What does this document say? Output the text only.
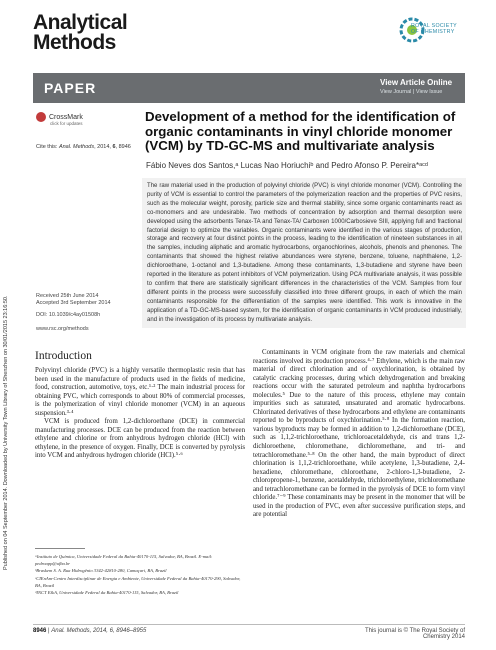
Analytical
Methods
ROYAL SOCIETY
OF CHEMISTRY
PAPER	View Article Online
View Journal | View Issue
Published on 04 September 2014. Downloaded by University Town Library of Shenzhen on 30/01/2015 23:16:50.
CrossMark
click for updates
Cite this: Anal. Methods, 2014, 6, 8946
Development of a method for the identification of organic contaminants in vinyl chloride monomer (VCM) by TD-GC-MS and multivariate analysis
Fábio Neves dos Santos,ᵃ Lucas Nao Horiuchiᵇ and Pedro Afonso P. Pereira*ᵃᶜᵈ
The raw material used in the production of polyvinyl chloride (PVC) is vinyl chloride monomer (VCM). Controlling the purity of VCM is essential to control the parameters of the polymerization reaction and the properties of PVC resins, such as the molecular weight, porosity, particle size and thermal stability, since some organic contaminants react as co-monomers and are undesirable. Two methods of concentration by adsorption and thermal desorption were developed using the adsorbents Tenax-TA and Tenax-TA/ Carboxen 1000/Carbosieve SIII, applying full and fractional factorial design to optimize the variables. Organic contaminants were identified in the various stages of production, storage and recovery at four distinct points in the process, leading to the identification of nineteen substances in all the samples, including aliphatic and aromatic hydrocarbons, organochlorines, alcohols, phenols and phenones. The contaminants that showed the highest relative abundances were styrene, benzene, toluene, naphthalene, 1,2-dichloroethane, 1-octanol and 1,3-butadiene. Among these contaminants, 1,3-butadiene and styrene have been reported in the literature as potent inhibitors of VCM polymerization. Using PCA multivariate analysis, it was possible to confirm that there are statistically significant differences in the characteristics of the VCM. Samples from four different points in the process were successfully classified into three different groups, in each of which the main contaminants responsible for the differentiation of the samples were identified. This work is innovative in the application of a TD-GC-MS-based system, for the identification of organic contaminants in VCM produced industrially, and in the investigation of its process by multivariate analysis.
Received 25th June 2014
Accepted 3rd September 2014
DOI: 10.1039/c4ay01508h
www.rsc.org/methods
Introduction

Polyvinyl chloride (PVC) is a highly versatile thermoplastic resin that has been used in the manufacture of products used in the fields of medicine, food, construction, automotive, toys, etc.¹·² The main industrial process for obtaining PVC, which corresponds to about 80% of commercial processes, is the polymerization of vinyl chloride monomer (VCM) in an aqueous suspension.³·⁴

VCM is produced from 1,2-dichloroethane (DCE) in commercial manufacturing processes. DCE can be produced from the reaction between ethylene and chlorine or from anhydrous hydrogen chloride (HCl) with ethylene, in the presence of oxygen. Finally, DCE is converted by pyrolysis into VCM and anhydrous hydrogen chloride (HCl).⁵·⁶

Contaminants in VCM originate from the raw materials and chemical reactions involved its production process.⁴·⁷ Ethylene, which is the main raw material of direct chlorination and of oxychlorination, is obtained by catalytic cracking processes, during which dehydrogenation and breaking reactions occur with the saturated petroleum and naphtha hydrocarbons molecules.⁵ Due to the nature of this process, ethylene may contain impurities such as saturated, unsaturated and aromatic hydrocarbons. Chlorinated derivatives of these hydrocarbons and ethylene are contaminants reported to be byproducts of oxychlorination.⁵·⁸ In the formation reaction, various byproducts may be formed in addition to 1,2-dichloroethane (DCE), such as 1,1,2-trichloroethane, trichloroacetaldehyde, cis and trans 1,2-dichloroethene, chloromethane, dichloromethane, and tri- and tetrachloromethane.⁵·⁸ On the other hand, the main byproduct of direct chlorination is 1,1,2-trichloroethane, while acetylene, 1,3-butadiene, 2,4-hexadiene, chloromethane, chloroethane, 2-chloro-1,3-butadiene, 2-chloropropene-1, benzene, acetaldehyde, trichloroethylene, trichloromethane and tetrachloromethane can be formed in the pyrolysis of DCE to form vinyl chloride.⁷⁻⁹ These contaminants may be present in the monomer that will be used in the production of PVC, even after successive purification steps, and are potential

ᵃInstituto de Química, Universidade Federal da Bahia-40170-115, Salvador, BA, Brazil. E-mail: pedroapp@ufba.br
ᵇBraskem S. A. Rua Hidrogênio 3342-42810-280, Camaçari, BA, Brazil
ᶜCIEnAm-Centro Interdisciplinar de Energia e Ambiente, Universidade Federal da Bahia-40170-290, Salvador, BA, Brazil
ᵈINCT E&A, Universidade Federal da Bahia-40170-115, Salvador, BA, Brazil
8946 | Anal. Methods, 2014, 6, 8946–8955	This journal is © The Royal Society of Chemistry 2014
